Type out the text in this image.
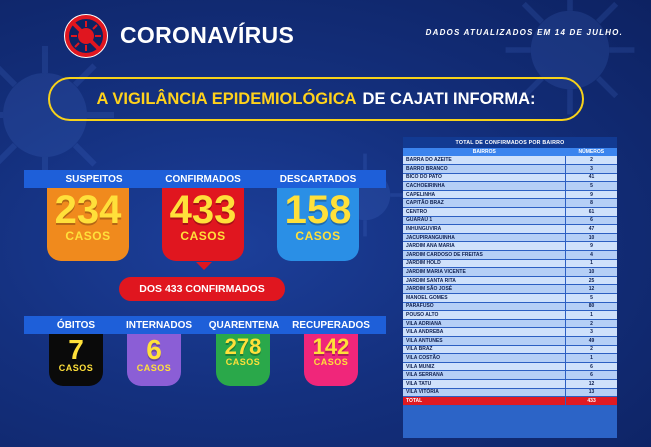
CORONAVÍRUS	DADOS ATUALIZADOS EM 14 DE JULHO.
A VIGILÂNCIA EPIDEMIOLÓGICA DE CAJATI INFORMA:
SUSPEITOS	CONFIRMADOS	DESCARTADOS
234
CASOS
433
CASOS
158
CASOS
DOS 433 CONFIRMADOS
ÓBITOS	INTERNADOS QUARENTENA RECUPERADOS
7
CASOS
6
CASOS
278
CASOS
142
CASOS
TOTAL DE CONFIRMADOS POR BAIRRO
BAIRROS	NÚMEROS
BARRA DO AZEITE	2
BARRO BRANCO	3
BICO DO PATO	41
CACHOEIRINHA	5
CAPELINHA	9
CAPITÃO BRAZ	8
CENTRO	61
GUARAÚ 1	6
INHUNGUVIRA	47
JACUPIRANGUINHA	10
JARDIM ANA MARIA	9
JARDIM CARDOSO DE FREITAS	4
JARDIM HOLD	1
JARDIM MARIA VICENTE	10
JARDIM SANTA RITA	25
JARDIM SÃO JOSÉ	12
MANOEL GOMES	5
PARAFUSO	80
POUSO ALTO	1
VILA ADRIANA	2
VILA ANDREBA	3
VILA ANTUNES	49
VILA BRAZ	2
VILA COSTÃO	1
VILA MUNIZ	6
VILA SERRANA	6
VILA TATU	12
VILA VITÓRIA	13
TOTAL	433
